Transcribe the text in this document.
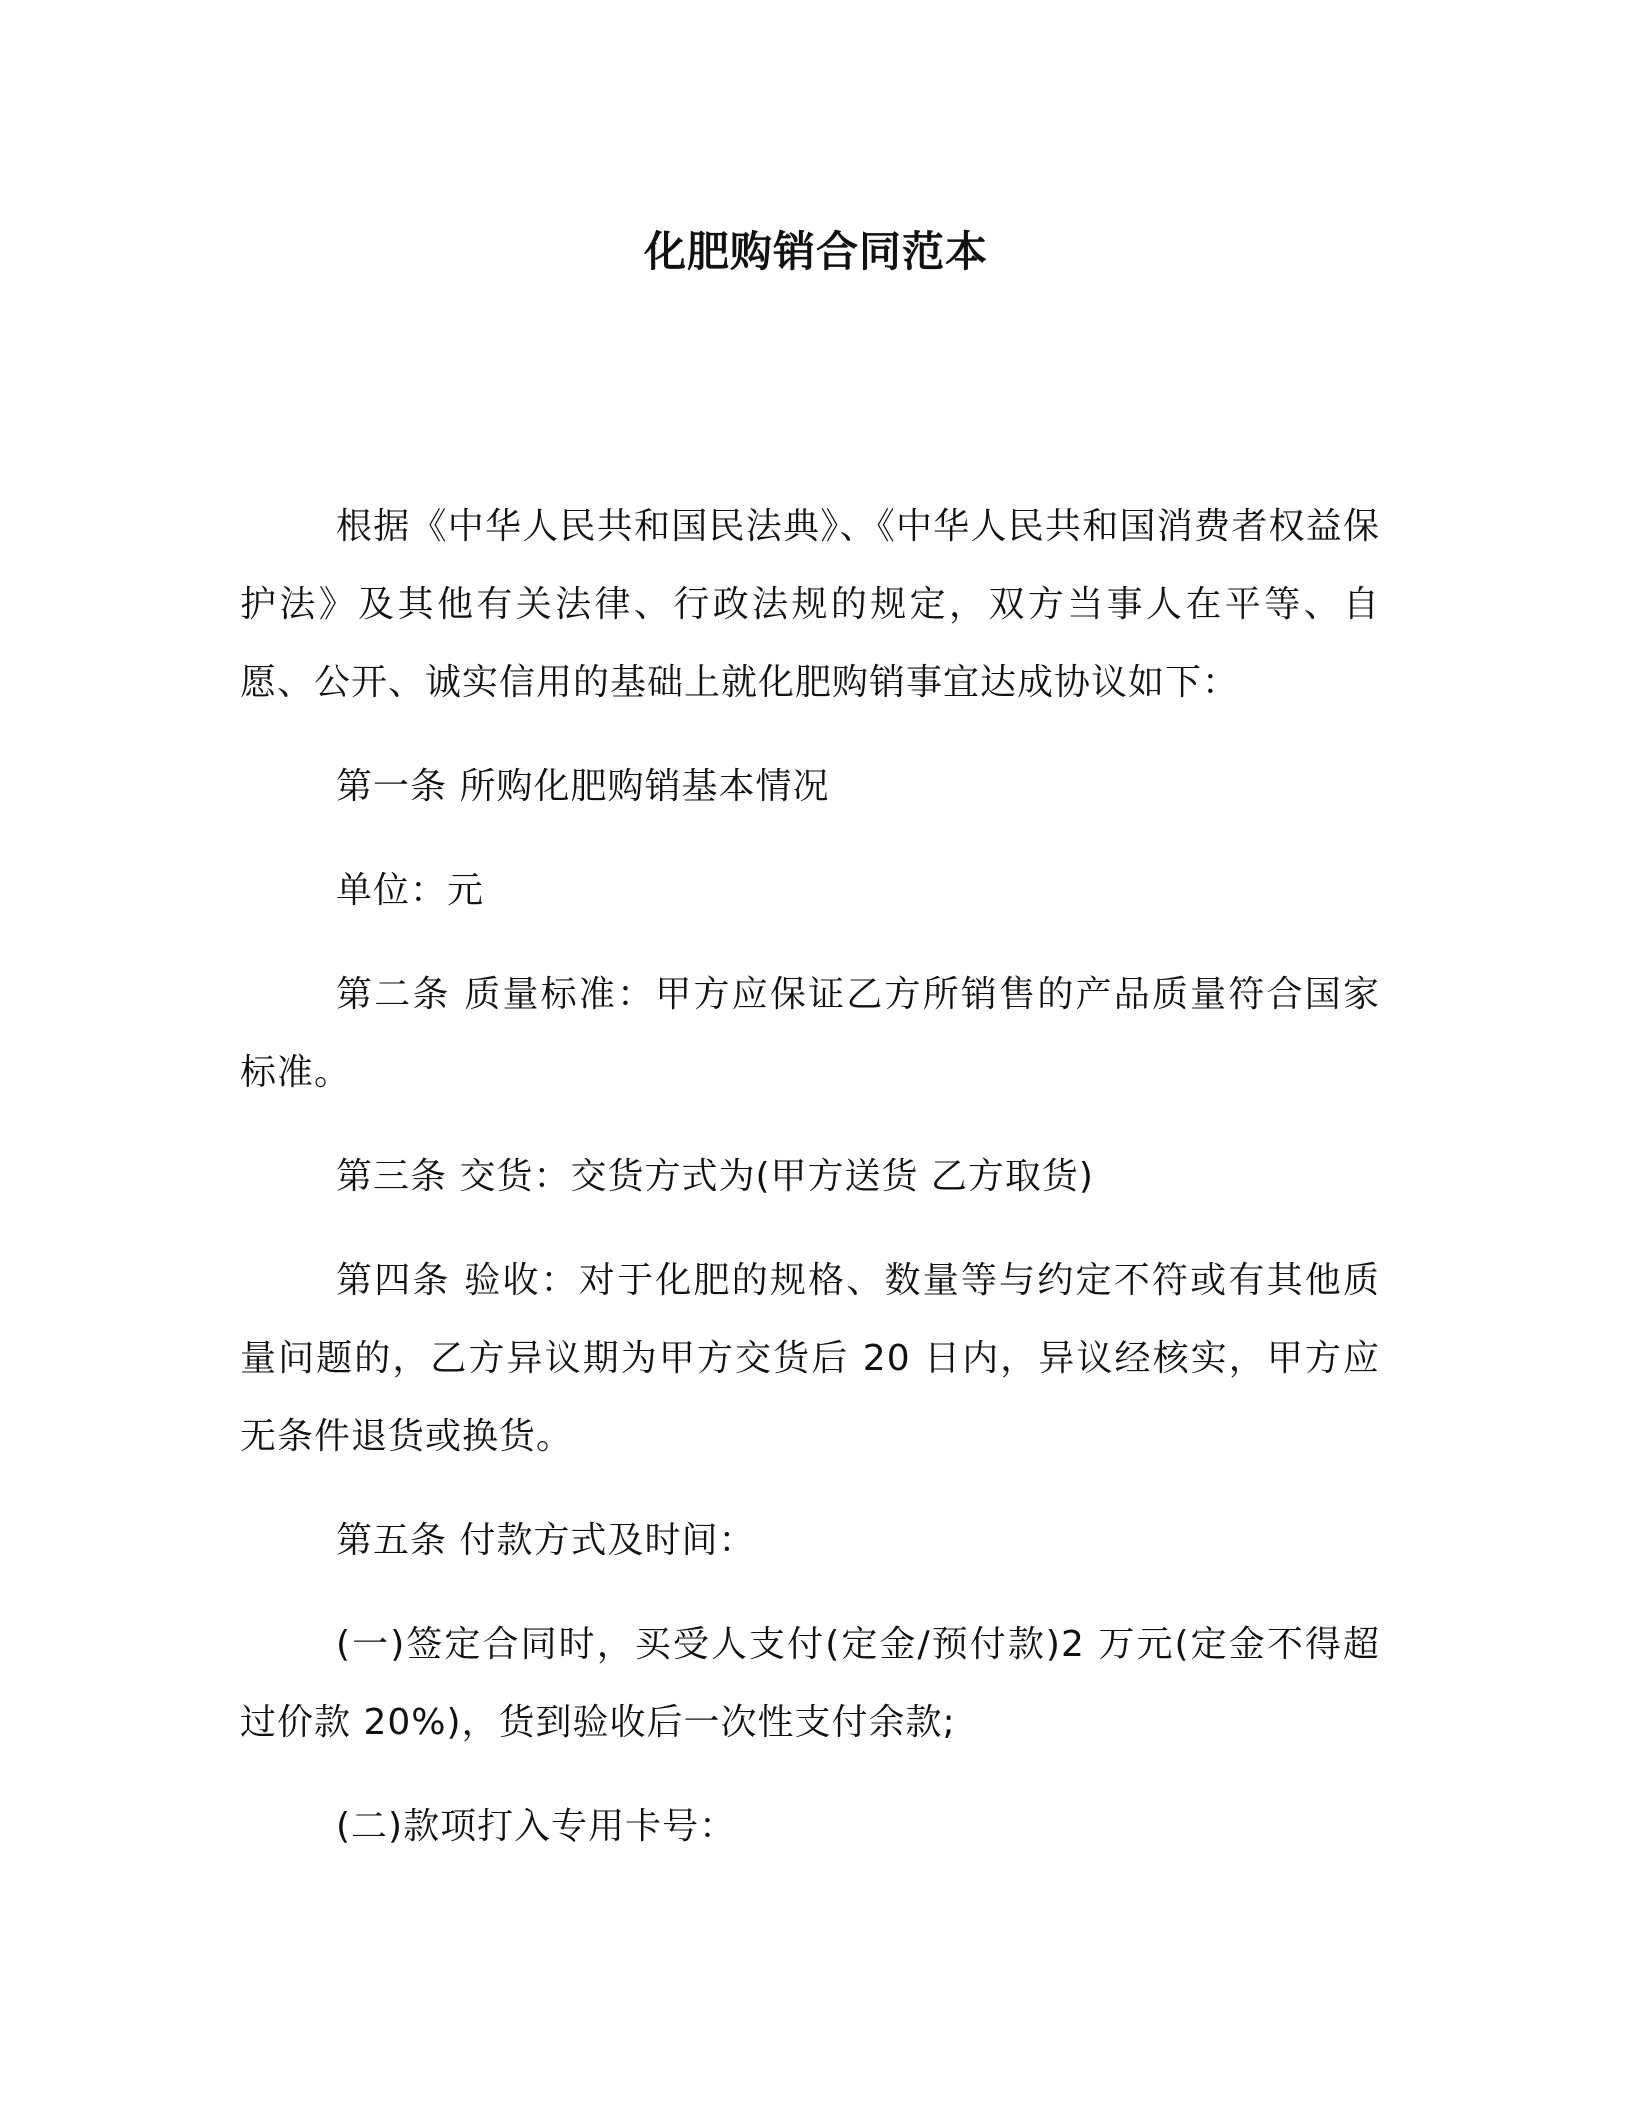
化肥购销合同范本

根据《中华人民共和国民法典》、《中华人民共和国消费者权益保护法》及其他有关法律、行政法规的规定，双方当事人在平等、自愿、公开、诚实信用的基础上就化肥购销事宜达成协议如下：

第一条 所购化肥购销基本情况

单位：元

第二条 质量标准：甲方应保证乙方所销售的产品质量符合国家标准。

第三条 交货：交货方式为(甲方送货 乙方取货)

第四条 验收：对于化肥的规格、数量等与约定不符或有其他质量问题的，乙方异议期为甲方交货后 20 日内，异议经核实，甲方应无条件退货或换货。

第五条 付款方式及时间：

(一)签定合同时，买受人支付(定金/预付款)2 万元(定金不得超过价款 20%)，货到验收后一次性支付余款;

(二)款项打入专用卡号：
